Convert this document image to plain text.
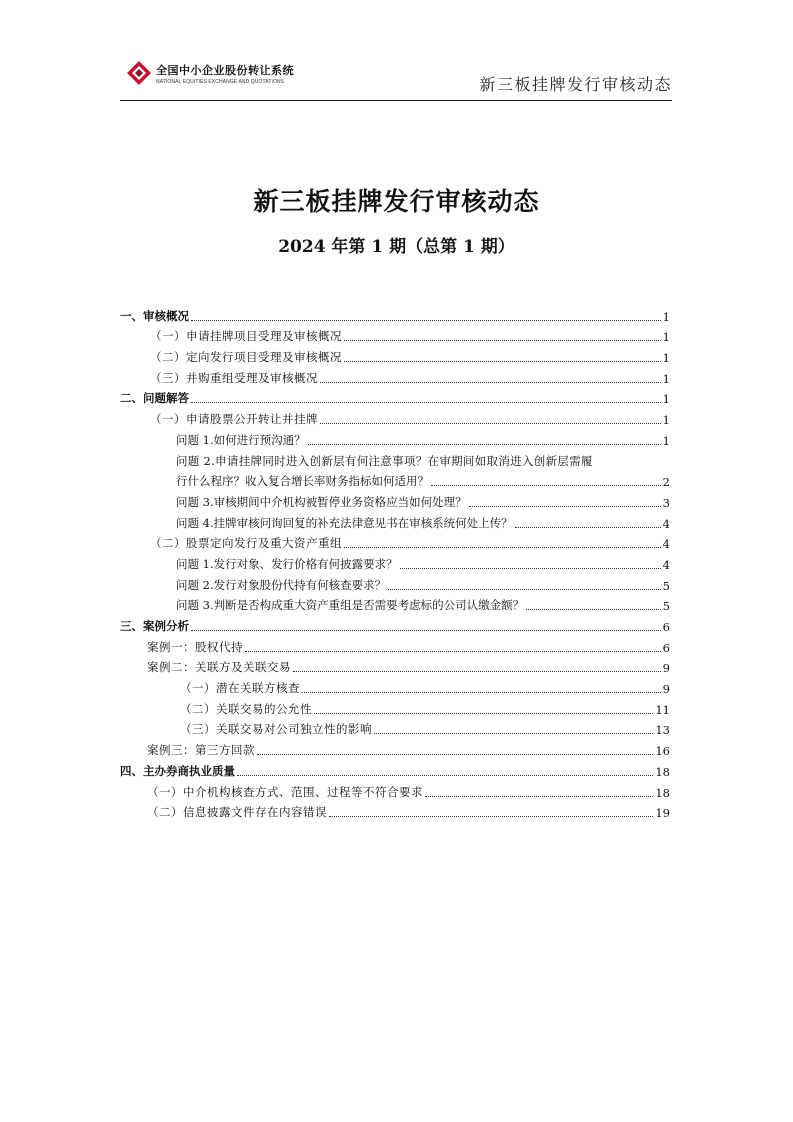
全国中小企业股份转让系统
NATIONAL EQUITIES EXCHANGE AND QUOTATIONS	新三板挂牌发行审核动态
新三板挂牌发行审核动态
2024 年第 1 期（总第 1 期）
一、审核概况	1
（一）申请挂牌项目受理及审核概况	1
（二）定向发行项目受理及审核概况	1
（三）并购重组受理及审核概况	1
二、问题解答	1
（一）申请股票公开转让并挂牌	1
问题 1.如何进行预沟通？	1
问题 2.申请挂牌同时进入创新层有何注意事项？在审期间如取消进入创新层需履
行什么程序？收入复合增长率财务指标如何适用？	2
问题 3.审核期间中介机构被暂停业务资格应当如何处理？	3
问题 4.挂牌审核问询回复的补充法律意见书在审核系统何处上传？	4
（二）股票定向发行及重大资产重组	4
问题 1.发行对象、发行价格有何披露要求？	4
问题 2.发行对象股份代持有何核查要求？	5
问题 3.判断是否构成重大资产重组是否需要考虑标的公司认缴金额？	5
三、案例分析	6
案例一：股权代持	6
案例二：关联方及关联交易	9
（一）潜在关联方核查	9
（二）关联交易的公允性	11
（三）关联交易对公司独立性的影响	13
案例三：第三方回款	16
四、主办券商执业质量	18
（一）中介机构核查方式、范围、过程等不符合要求	18
（二）信息披露文件存在内容错误	19
